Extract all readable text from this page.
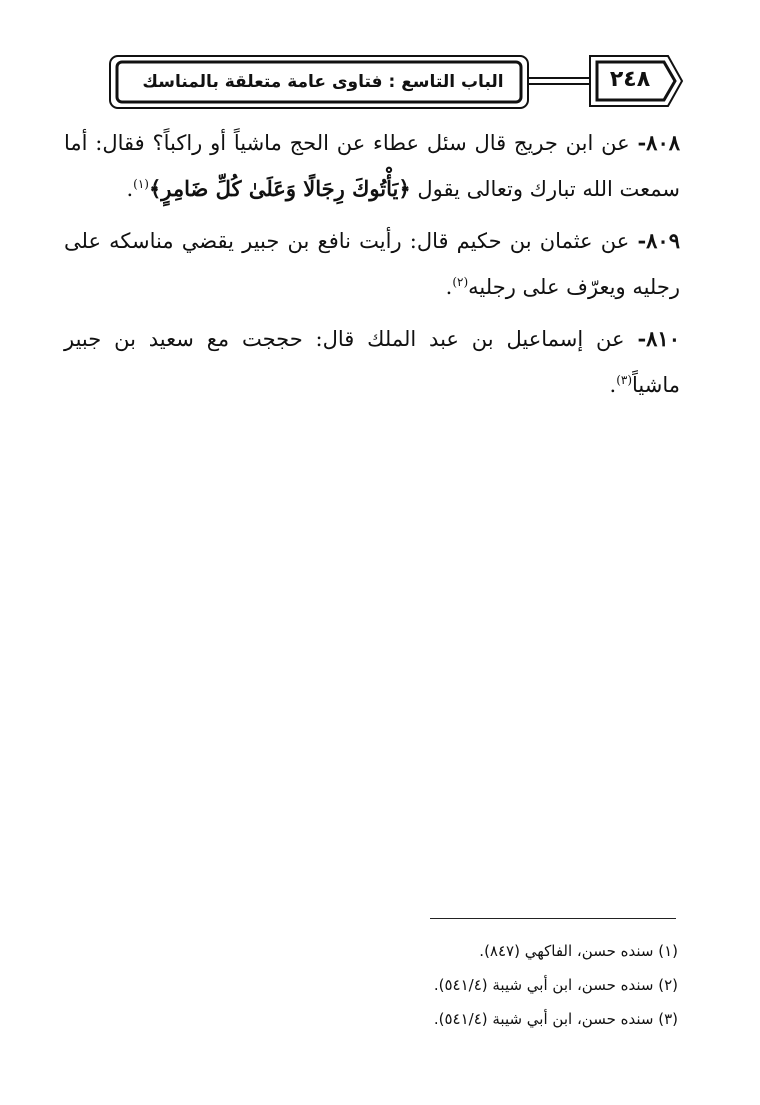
الباب التاسع : فتاوى عامة متعلقة بالمناسك	٢٤٨

٨٠٨- عن ابن جريج قال سئل عطاء عن الحج ماشياً أو راكباً؟ فقال: أما سمعت الله تبارك وتعالى يقول ﴿يَأْتُوكَ رِجَالًا وَعَلَىٰ كُلِّ ضَامِرٍ﴾$^{(١)}$.

٨٠٩- عن عثمان بن حكيم قال: رأيت نافع بن جبير يقضي مناسكه على رجليه ويعرّف على رجليه$^{(٢)}$.

٨١٠- عن إسماعيل بن عبد الملك قال: حججت مع سعيد بن جبير ماشياً$^{(٣)}$.

(١) سنده حسن، الفاكهي (٨٤٧).
(٢) سنده حسن، ابن أبي شيبة (٥٤١/٤).
(٣) سنده حسن، ابن أبي شيبة (٥٤١/٤).
